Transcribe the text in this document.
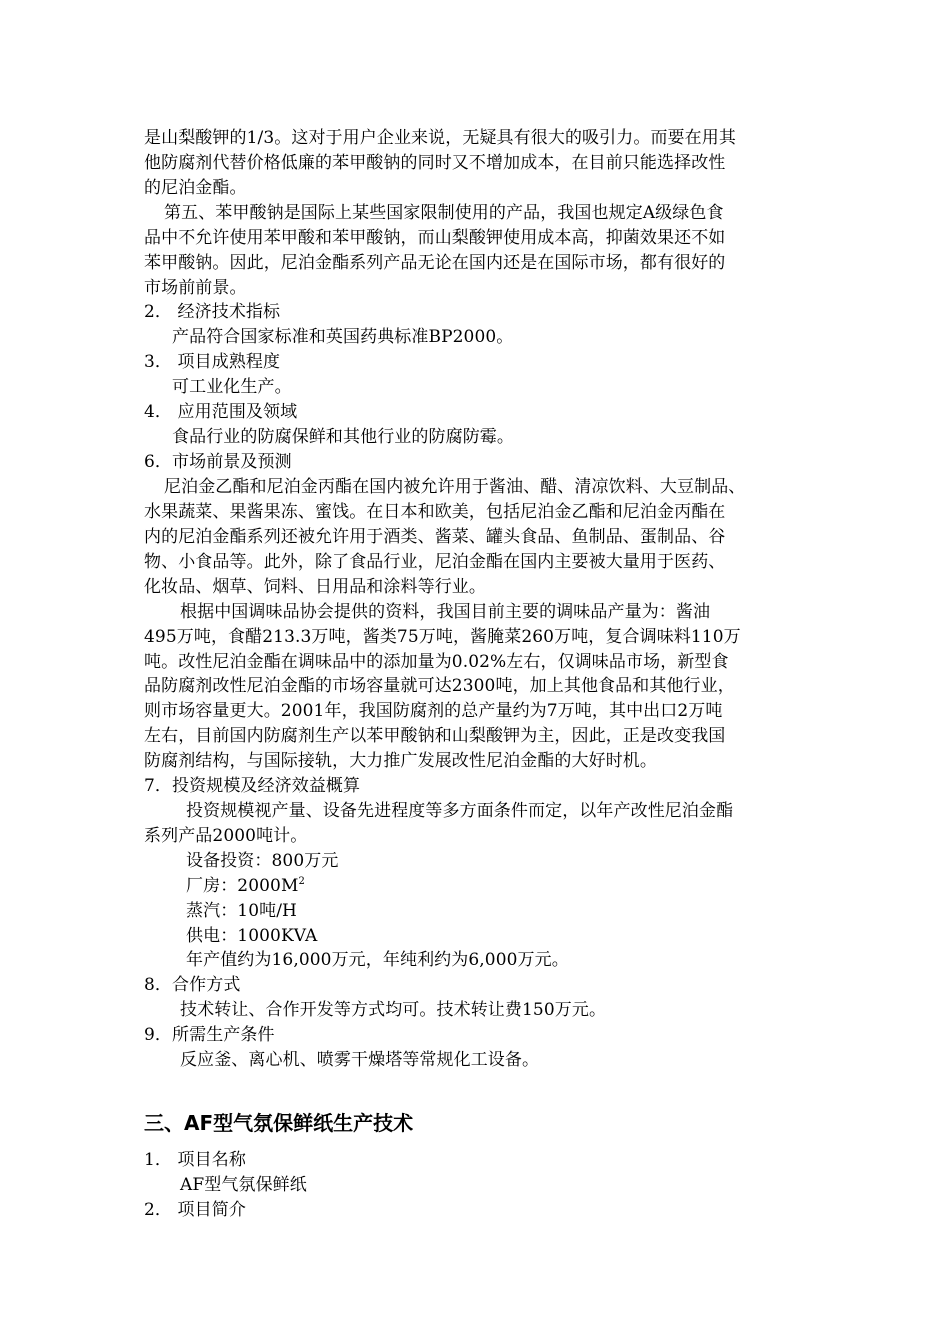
是山梨酸钾的1/3。这对于用户企业来说，无疑具有很大的吸引力。而要在用其
他防腐剂代替价格低廉的苯甲酸钠的同时又不增加成本，在目前只能选择改性
的尼泊金酯。
第五、苯甲酸钠是国际上某些国家限制使用的产品，我国也规定A级绿色食
品中不允许使用苯甲酸和苯甲酸钠，而山梨酸钾使用成本高，抑菌效果还不如
苯甲酸钠。因此，尼泊金酯系列产品无论在国内还是在国际市场，都有很好的
市场前前景。
2． 经济技术指标
产品符合国家标准和英国药典标准BP2000。
3． 项目成熟程度
可工业化生产。
4． 应用范围及领域
食品行业的防腐保鲜和其他行业的防腐防霉。
6．市场前景及预测
尼泊金乙酯和尼泊金丙酯在国内被允许用于酱油、醋、清凉饮料、大豆制品、
水果蔬菜、果酱果冻、蜜饯。在日本和欧美，包括尼泊金乙酯和尼泊金丙酯在
内的尼泊金酯系列还被允许用于酒类、酱菜、罐头食品、鱼制品、蛋制品、谷
物、小食品等。此外，除了食品行业，尼泊金酯在国内主要被大量用于医药、
化妆品、烟草、饲料、日用品和涂料等行业。
根据中国调味品协会提供的资料，我国目前主要的调味品产量为：酱油
495万吨，食醋213.3万吨，酱类75万吨，酱腌菜260万吨，复合调味料110万
吨。改性尼泊金酯在调味品中的添加量为0.02%左右，仅调味品市场，新型食
品防腐剂改性尼泊金酯的市场容量就可达2300吨，加上其他食品和其他行业，
则市场容量更大。2001年，我国防腐剂的总产量约为7万吨，其中出口2万吨
左右，目前国内防腐剂生产以苯甲酸钠和山梨酸钾为主，因此，正是改变我国
防腐剂结构，与国际接轨，大力推广发展改性尼泊金酯的大好时机。
7．投资规模及经济效益概算
投资规模视产量、设备先进程度等多方面条件而定，以年产改性尼泊金酯
系列产品2000吨计。
设备投资：800万元
厂房：$2000M^2$
蒸汽：10吨/H
供电：1000KVA
年产值约为16,000万元，年纯利约为6,000万元。
8．合作方式
技术转让、合作开发等方式均可。技术转让费150万元。
9．所需生产条件
反应釜、离心机、喷雾干燥塔等常规化工设备。
三、AF型气氛保鲜纸生产技术
1． 项目名称
AF型气氛保鲜纸
2． 项目简介
